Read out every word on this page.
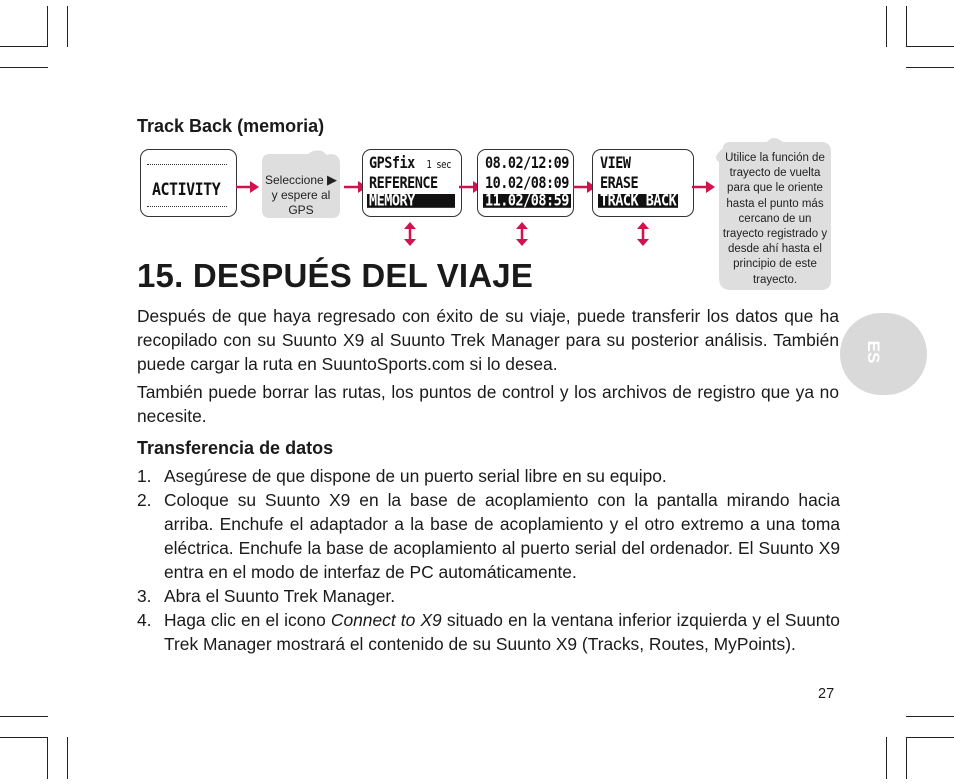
Track Back (memoria)
ACTIVITY	Seleccione ▶
y espere al
GPS
GPSfix 1 sec
REFERENCE
MEMORY
08.02/12:09
10.02/08:09
11.02/08:59
VIEW
ERASE
TRACK BACK
Utilice la función de
trayecto de vuelta
para que le oriente
hasta el punto más
cercano de un
trayecto registrado y
desde ahí hasta el
principio de este
trayecto.
15. DESPUÉS DEL VIAJE
Después de que haya regresado con éxito de su viaje, puede transferir los datos que ha recopilado con su Suunto X9 al Suunto Trek Manager para su posterior análisis. También puede cargar la ruta en SuuntoSports.com si lo desea.
También puede borrar las rutas, los puntos de control y los archivos de registro que ya no necesite.
Transferencia de datos
1. Asegúrese de que dispone de un puerto serial libre en su equipo.
2. Coloque su Suunto X9 en la base de acoplamiento con la pantalla mirando hacia arriba. Enchufe el adaptador a la base de acoplamiento y el otro extremo a una toma eléctrica. Enchufe la base de acoplamiento al puerto serial del ordenador. El Suunto X9 entra en el modo de interfaz de PC automáticamente.
3. Abra el Suunto Trek Manager.
4. Haga clic en el icono Connect to X9 situado en la ventana inferior izquierda y el Suunto Trek Manager mostrará el contenido de su Suunto X9 (Tracks, Routes, MyPoints).
ES
27
